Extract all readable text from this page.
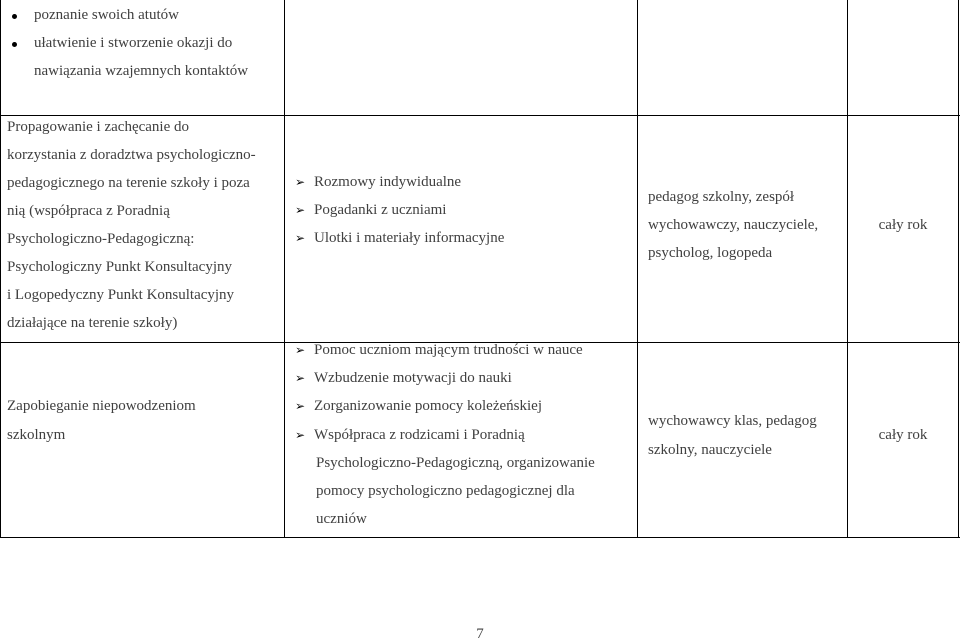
poznanie swoich atutów
ułatwienie i stworzenie okazji do
nawiązania wzajemnych kontaktów
Propagowanie i zachęcanie do
korzystania z doradztwa psychologiczno-
pedagogicznego na terenie szkoły i poza
nią (współpraca z Poradnią
Psychologiczno-Pedagogiczną:
Psychologiczny Punkt Konsultacyjny
i Logopedyczny Punkt Konsultacyjny
działające na terenie szkoły)
➢ Rozmowy indywidualne
➢ Pogadanki z uczniami
➢ Ulotki i materiały informacyjne
pedagog szkolny, zespół
wychowawczy, nauczyciele,
psycholog, logopeda
cały rok
Zapobieganie niepowodzeniom
szkolnym
➢ Pomoc uczniom mającym trudności w nauce
➢ Wzbudzenie motywacji do nauki
➢ Zorganizowanie pomocy koleżeńskiej
➢ Współpraca z rodzicami i Poradnią
Psychologiczno-Pedagogiczną, organizowanie
pomocy psychologiczno pedagogicznej dla
uczniów
wychowawcy klas, pedagog
szkolny, nauczyciele
cały rok
7
